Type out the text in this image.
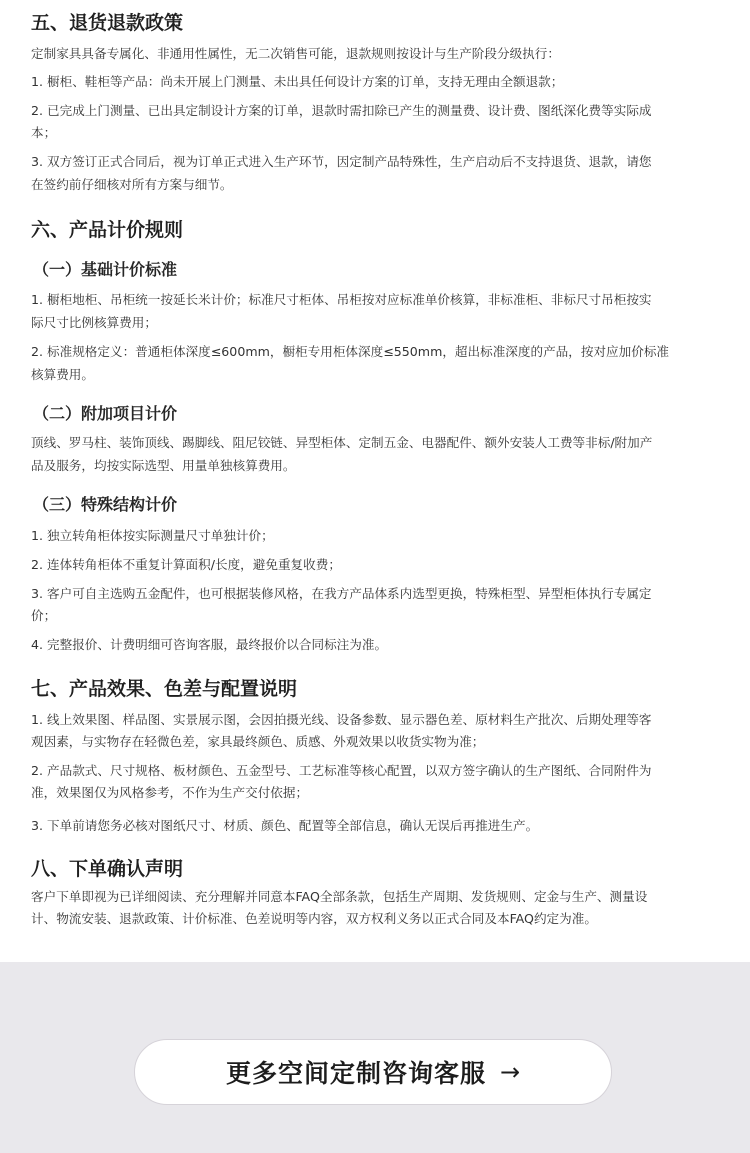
五、退货退款政策
定制家具具备专属化、非通用性属性，无二次销售可能，退款规则按设计与生产阶段分级执行：
1. 橱柜、鞋柜等产品：尚未开展上门测量、未出具任何设计方案的订单，支持无理由全额退款；
2. 已完成上门测量、已出具定制设计方案的订单，退款时需扣除已产生的测量费、设计费、图纸深化费等实际成
本；
3. 双方签订正式合同后，视为订单正式进入生产环节，因定制产品特殊性，生产启动后不支持退货、退款，请您
在签约前仔细核对所有方案与细节。
六、产品计价规则
（一）基础计价标准
1. 橱柜地柜、吊柜统一按延长米计价；标准尺寸柜体、吊柜按对应标准单价核算，非标准柜、非标尺寸吊柜按实
际尺寸比例核算费用；
2. 标准规格定义：普通柜体深度≤600mm，橱柜专用柜体深度≤550mm，超出标准深度的产品，按对应加价标准
核算费用。
（二）附加项目计价
顶线、罗马柱、装饰顶线、踢脚线、阻尼铰链、异型柜体、定制五金、电器配件、额外安装人工费等非标/附加产
品及服务，均按实际选型、用量单独核算费用。
（三）特殊结构计价
1. 独立转角柜体按实际测量尺寸单独计价；
2. 连体转角柜体不重复计算面积/长度，避免重复收费；
3. 客户可自主选购五金配件，也可根据装修风格，在我方产品体系内选型更换，特殊柜型、异型柜体执行专属定
价；
4. 完整报价、计费明细可咨询客服，最终报价以合同标注为准。
七、产品效果、色差与配置说明
1. 线上效果图、样品图、实景展示图，会因拍摄光线、设备参数、显示器色差、原材料生产批次、后期处理等客
观因素，与实物存在轻微色差，家具最终颜色、质感、外观效果以收货实物为准；
2. 产品款式、尺寸规格、板材颜色、五金型号、工艺标准等核心配置，以双方签字确认的生产图纸、合同附件为
准，效果图仅为风格参考，不作为生产交付依据；
3. 下单前请您务必核对图纸尺寸、材质、颜色、配置等全部信息，确认无误后再推进生产。
八、下单确认声明
客户下单即视为已详细阅读、充分理解并同意本FAQ全部条款，包括生产周期、发货规则、定金与生产、测量设
计、物流安装、退款政策、计价标准、色差说明等内容，双方权利义务以正式合同及本FAQ约定为准。
更多空间定制咨询客服 →
